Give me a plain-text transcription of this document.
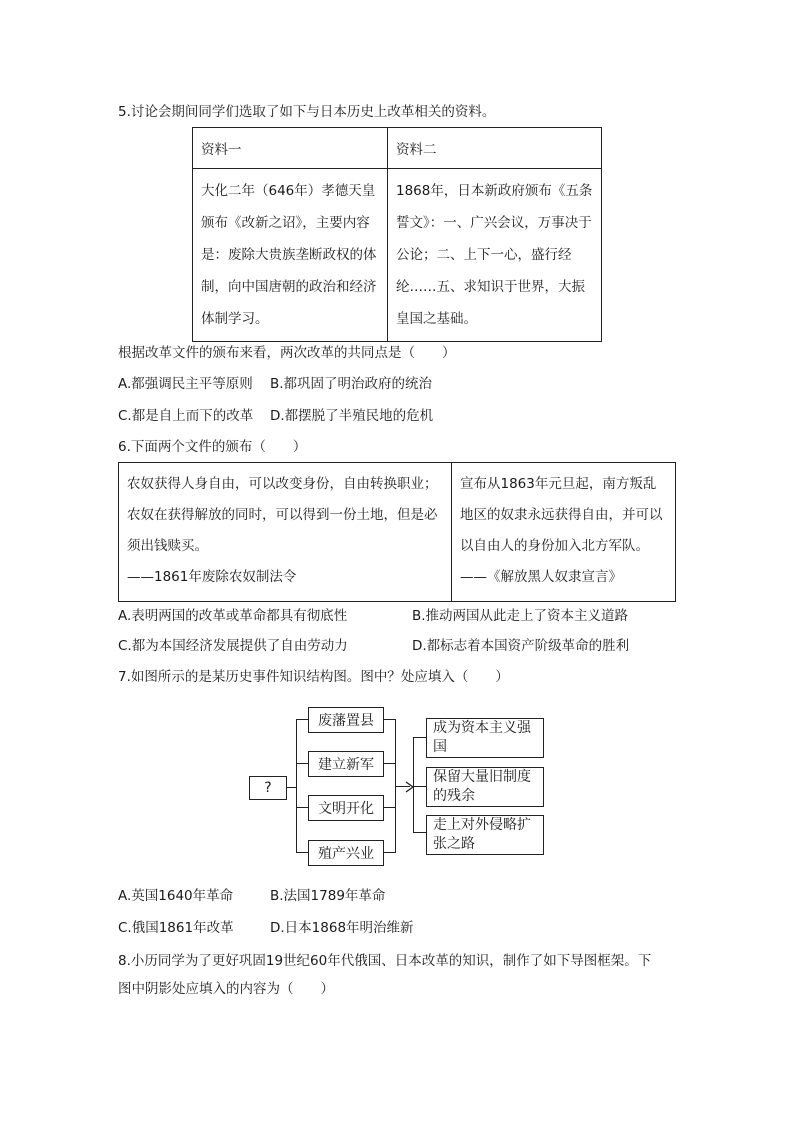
5.讨论会期间同学们选取了如下与日本历史上改革相关的资料。
资料一	资料二
大化二年（646年）孝德天皇颁布《改新之诏》，主要内容是：废除大贵族垄断政权的体制，向中国唐朝的政治和经济体制学习。	1868年，日本新政府颁布《五条誓文》：一、广兴会议，万事决于公论；二、上下一心，盛行经纶……五、求知识于世界，大振皇国之基础。
根据改革文件的颁布来看，两次改革的共同点是（　　）
A.都强调民主平等原则 B.都巩固了明治政府的统治
C.都是自上而下的改革 D.都摆脱了半殖民地的危机
6.下面两个文件的颁布（　　）
农奴获得人身自由，可以改变身份，自由转换职业；农奴在获得解放的同时，可以得到一份土地，但是必须出钱赎买。
——1861年废除农奴制法令

宣布从1863年元旦起，南方叛乱地区的奴隶永远获得自由，并可以以自由人的身份加入北方军队。
——《解放黑人奴隶宣言》
A.表明两国的改革或革命都具有彻底性	B.推动两国从此走上了资本主义道路
C.都为本国经济发展提供了自由劳动力	D.都标志着本国资产阶级革命的胜利
7.如图所示的是某历史事件知识结构图。图中？处应填入（　　）
?
废藩置县
建立新军
文明开化
殖产兴业
成为资本主义强国
保留大量旧制度的残余
走上对外侵略扩张之路
A.英国1640年革命	B.法国1789年革命
C.俄国1861年改革	D.日本1868年明治维新
8.小历同学为了更好巩固19世纪60年代俄国、日本改革的知识，制作了如下导图框架。下
图中阴影处应填入的内容为（　　）
